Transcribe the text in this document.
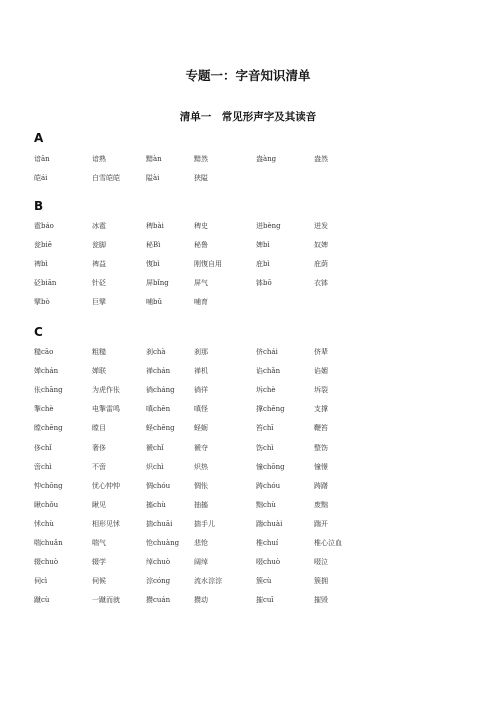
专题一：字音知识清单
清单一　常见形声字及其读音
A
谙ān	谙熟	黯àn	黯然	盎àng	盎然
皑ái	白雪皑皑	隘ài	狭隘
B
雹báo	冰雹	稗bài	稗史	迸bèng	迸发
瓮biē	瓮脚	秘Bì	秘鲁	婢bì	奴婢
裨bì	裨益	愎bì	刚愎自用	庇bì	庇荫
砭biān	针砭	屏bǐng	屏气	钵bō	衣钵
擘bò	巨擘	哺bǔ	哺育
C
糙cāo	粗糙	刹chà	刹那	侪chái	侪辈
婵chán	婵联	禅chán	禅机	谄chǎn	谄媚
伥chāng	为虎作伥	徜cháng	徜徉	坼chè	坼裂
掣chè	电掣雷鸣	嗔chēn	嗔怪	撑chēng	支撑
瞠chēng	瞠目	蛏chēng	蛏蛎	笞chī	鞭笞
侈chǐ	奢侈	褫chǐ	褫夺	饬chì	整饬
啻chì	不啻	炽chì	炽热	憧chōng	憧憬
忡chōng	忧心忡忡	惆chóu	惆怅	踌chóu	踌躇
瞅chǒu	瞅见	搐chù	抽搐	黜chù	废黜
怵chù	相形见怵	揣chuāi	揣手儿	踹chuài	踹开
喘chuǎn	喘气	怆chuàng 悲怆	椎chuí	椎心泣血
辍chuò	辍学	绰chuò	阔绰	啜chuò	啜泣
伺cì	伺候	淙cóng	流水淙淙	簇cù	簇拥
蹴cù	一蹴而就	攒cuán	攒动	摧cuī	摧毁
